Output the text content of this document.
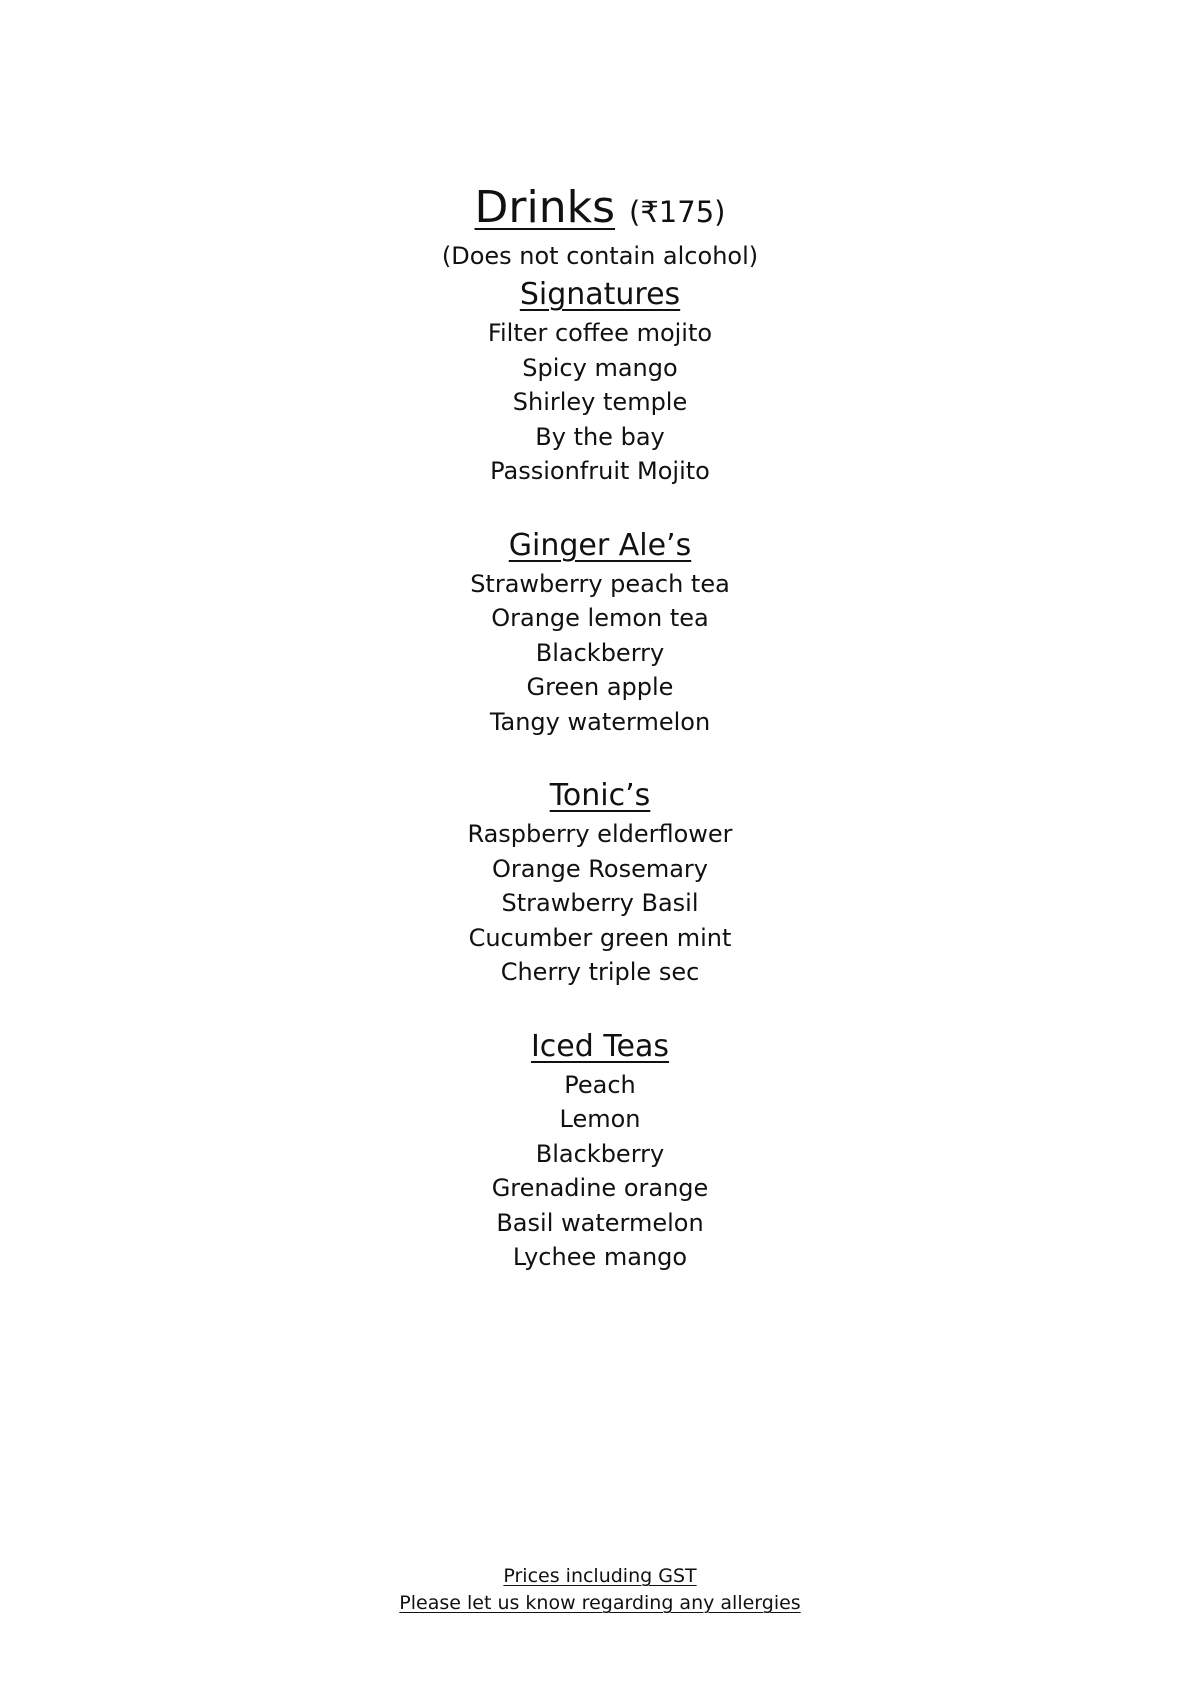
Drinks (₹175)
(Does not contain alcohol)
Signatures
Filter coffee mojito
Spicy mango
Shirley temple
By the bay
Passionfruit Mojito
Ginger Ale’s
Strawberry peach tea
Orange lemon tea
Blackberry
Green apple
Tangy watermelon
Tonic’s
Raspberry elderflower
Orange Rosemary
Strawberry Basil
Cucumber green mint
Cherry triple sec
Iced Teas
Peach
Lemon
Blackberry
Grenadine orange
Basil watermelon
Lychee mango
Prices including GST
Please let us know regarding any allergies
